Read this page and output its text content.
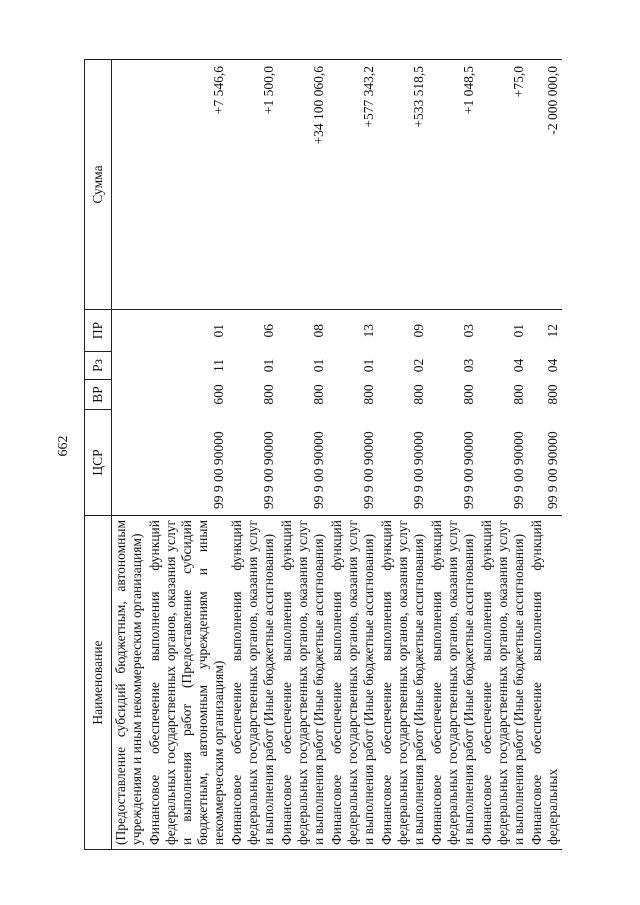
662
Наименование	ЦСР	ВР	Рз	ПР	Сумма
(Предоставление субсидий бюджетным, автономным учреждениям и иным некоммерческим организациям)					
Финансовое обеспечение выполнения функций федеральных государственных органов, оказания услуг и выполнения работ (Предоставление субсидий бюджетным, автономным учреждениям и иным некоммерческим организациям)	99 9 00 90000	600	11	01	+7 546,6
Финансовое обеспечение выполнения функций федеральных государственных органов, оказания услуг и выполнения работ (Иные бюджетные ассигнования)	99 9 00 90000	800	01	06	+1 500,0
Финансовое обеспечение выполнения функций федеральных государственных органов, оказания услуг и выполнения работ (Иные бюджетные ассигнования)	99 9 00 90000	800	01	08	+34 100 060,6
Финансовое обеспечение выполнения функций федеральных государственных органов, оказания услуг и выполнения работ (Иные бюджетные ассигнования)	99 9 00 90000	800	01	13	+577 343,2
Финансовое обеспечение выполнения функций федеральных государственных органов, оказания услуг и выполнения работ (Иные бюджетные ассигнования)	99 9 00 90000	800	02	09	+533 518,5
Финансовое обеспечение выполнения функций федеральных государственных органов, оказания услуг и выполнения работ (Иные бюджетные ассигнования)	99 9 00 90000	800	03	03	+1 048,5
Финансовое обеспечение выполнения функций федеральных государственных органов, оказания услуг и выполнения работ (Иные бюджетные ассигнования)	99 9 00 90000	800	04	01	+75,0
Финансовое обеспечение выполнения функций федеральных	99 9 00 90000	800	04	12	-2 000 000,0
